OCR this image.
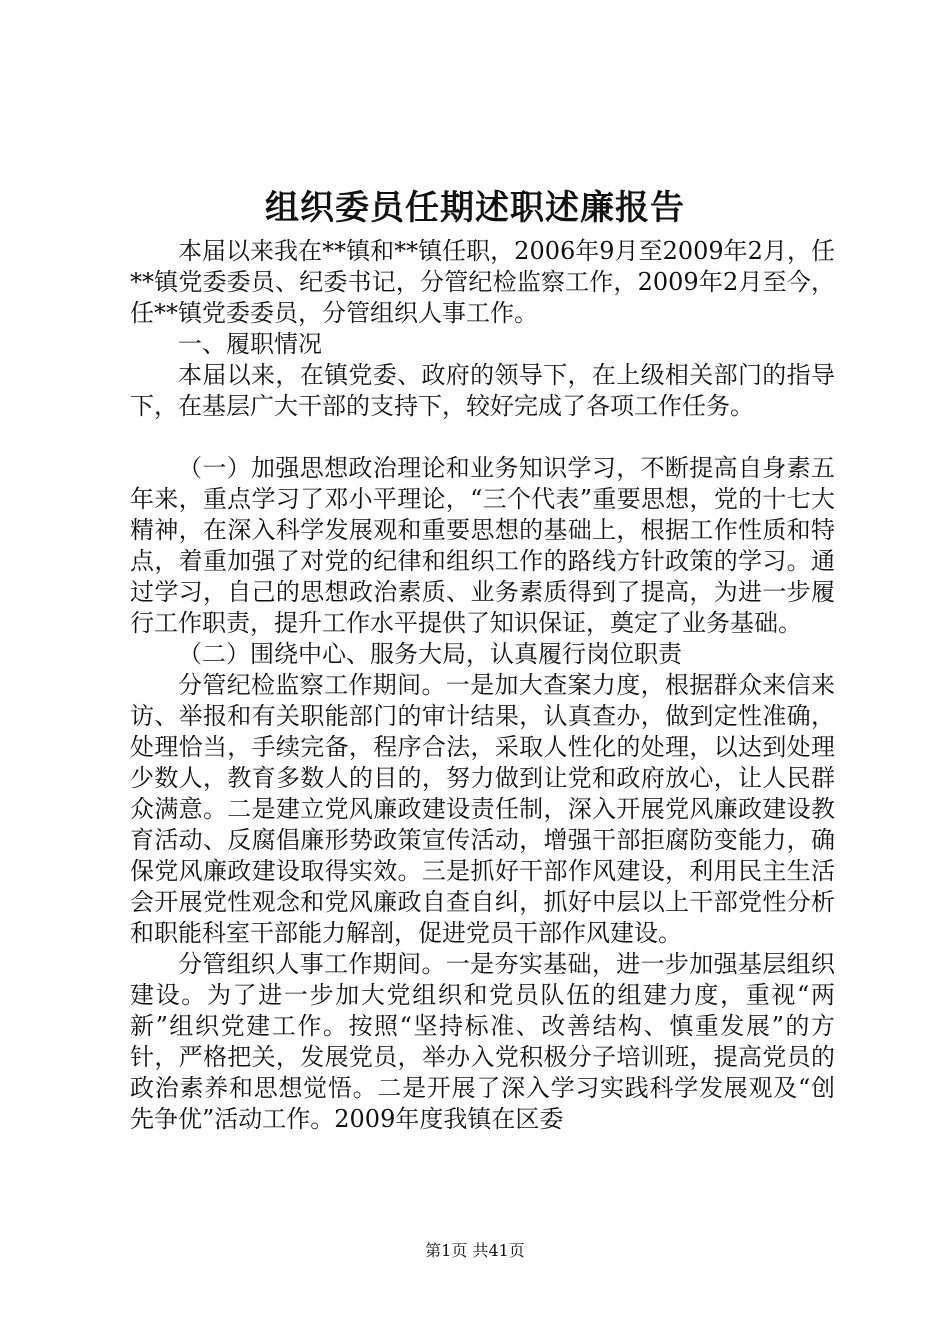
组织委员任期述职述廉报告

本届以来我在**镇和**镇任职，2006年9月至2009年2月，任**镇党委委员、纪委书记，分管纪检监察工作，2009年2月至今，任**镇党委委员，分管组织人事工作。

一、履职情况

本届以来，在镇党委、政府的领导下，在上级相关部门的指导下，在基层广大干部的支持下，较好完成了各项工作任务。

（一）加强思想政治理论和业务知识学习，不断提高自身素五年来，重点学习了邓小平理论，“三个代表”重要思想，党的十七大精神，在深入科学发展观和重要思想的基础上，根据工作性质和特点，着重加强了对党的纪律和组织工作的路线方针政策的学习。通过学习，自己的思想政治素质、业务素质得到了提高，为进一步履行工作职责，提升工作水平提供了知识保证，奠定了业务基础。

（二）围绕中心、服务大局，认真履行岗位职责

分管纪检监察工作期间。一是加大查案力度，根据群众来信来访、举报和有关职能部门的审计结果，认真查办，做到定性准确，处理恰当，手续完备，程序合法，采取人性化的处理，以达到处理少数人，教育多数人的目的，努力做到让党和政府放心，让人民群众满意。二是建立党风廉政建设责任制，深入开展党风廉政建设教育活动、反腐倡廉形势政策宣传活动，增强干部拒腐防变能力，确保党风廉政建设取得实效。三是抓好干部作风建设，利用民主生活会开展党性观念和党风廉政自查自纠，抓好中层以上干部党性分析和职能科室干部能力解剖，促进党员干部作风建设。

分管组织人事工作期间。一是夯实基础，进一步加强基层组织建设。为了进一步加大党组织和党员队伍的组建力度，重视“两新”组织党建工作。按照“坚持标准、改善结构、慎重发展”的方针，严格把关，发展党员，举办入党积极分子培训班，提高党员的政治素养和思想觉悟。二是开展了深入学习实践科学发展观及“创先争优”活动工作。2009年度我镇在区委

第1页 共41页
